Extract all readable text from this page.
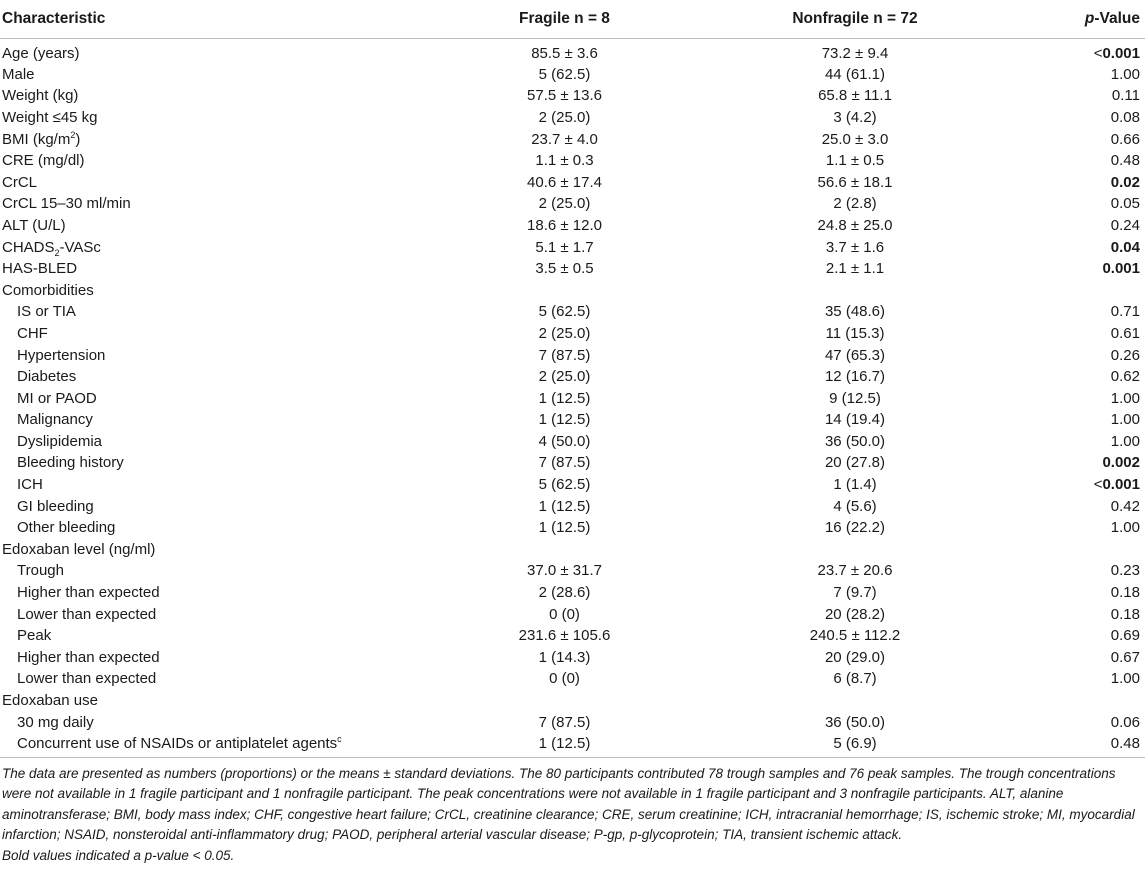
Characteristic	Fragile n = 8	Nonfragile n = 72	p-Value
Age (years)	85.5 ± 3.6	73.2 ± 9.4	<0.001
Male	5 (62.5)	44 (61.1)	1.00
Weight (kg)	57.5 ± 13.6	65.8 ± 11.1	0.11
Weight ≤45 kg	2 (25.0)	3 (4.2)	0.08
BMI $(kg/m^2)$	23.7 ± 4.0	25.0 ± 3.0	0.66
CRE (mg/dl)	1.1 ± 0.3	1.1 ± 0.5	0.48
CrCL	40.6 ± 17.4	56.6 ± 18.1	0.02
CrCL 15–30 ml/min	2 (25.0)	2 (2.8)	0.05
ALT (U/L)	18.6 ± 12.0	24.8 ± 25.0	0.24
$CHADS_2$-VASc	5.1 ± 1.7	3.7 ± 1.6	0.04
HAS-BLED	3.5 ± 0.5	2.1 ± 1.1	0.001
Comorbidities			
IS or TIA	5 (62.5)	35 (48.6)	0.71
CHF	2 (25.0)	11 (15.3)	0.61
Hypertension	7 (87.5)	47 (65.3)	0.26
Diabetes	2 (25.0)	12 (16.7)	0.62
MI or PAOD	1 (12.5)	9 (12.5)	1.00
Malignancy	1 (12.5)	14 (19.4)	1.00
Dyslipidemia	4 (50.0)	36 (50.0)	1.00
Bleeding history	7 (87.5)	20 (27.8)	0.002
ICH	5 (62.5)	1 (1.4)	<0.001
GI bleeding	1 (12.5)	4 (5.6)	0.42
Other bleeding	1 (12.5)	16 (22.2)	1.00
Edoxaban level (ng/ml)			
Trough	37.0 ± 31.7	23.7 ± 20.6	0.23
Higher than expected	2 (28.6)	7 (9.7)	0.18
Lower than expected	0 (0)	20 (28.2)	0.18
Peak	231.6 ± 105.6	240.5 ± 112.2	0.69
Higher than expected	1 (14.3)	20 (29.0)	0.67
Lower than expected	0 (0)	6 (8.7)	1.00
Edoxaban use			
30 mg daily	7 (87.5)	36 (50.0)	0.06
Concurrent use of NSAIDs or antiplatelet agents$^c$	1 (12.5)	5 (6.9)	0.48
The data are presented as numbers (proportions) or the means ± standard deviations. The 80 participants contributed 78 trough samples and 76 peak samples. The trough concentrations were not available in 1 fragile participant and 1 nonfragile participant. The peak concentrations were not available in 1 fragile participant and 3 nonfragile participants. ALT, alanine aminotransferase; BMI, body mass index; CHF, congestive heart failure; CrCL, creatinine clearance; CRE, serum creatinine; ICH, intracranial hemorrhage; IS, ischemic stroke; MI, myocardial infarction; NSAID, nonsteroidal anti-inflammatory drug; PAOD, peripheral arterial vascular disease; P-gp, p-glycoprotein; TIA, transient ischemic attack.
Bold values indicated a p-value < 0.05.
